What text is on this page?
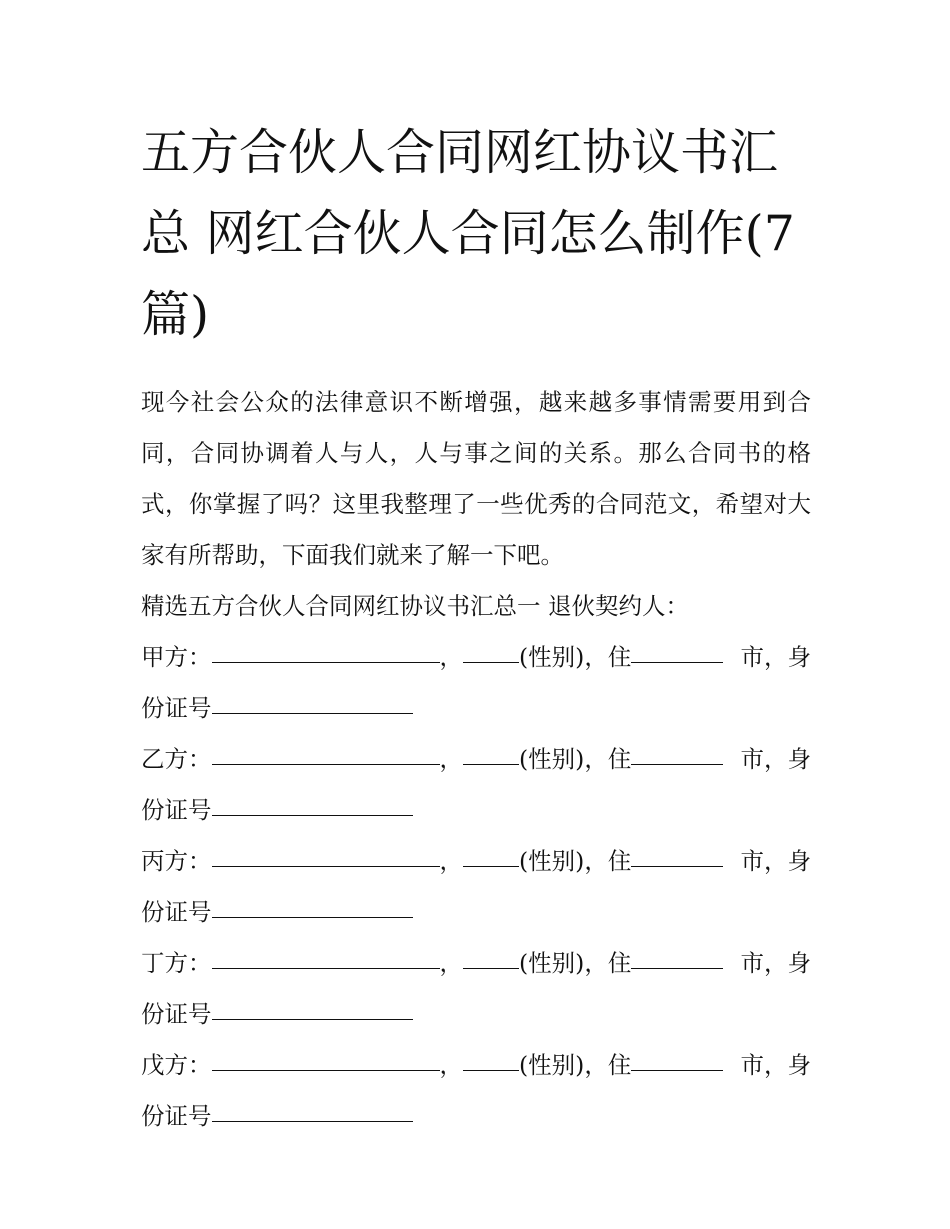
五方合伙人合同网红协议书汇总 网红合伙人合同怎么制作(7篇)

现今社会公众的法律意识不断增强，越来越多事情需要用到合同，合同协调着人与人，人与事之间的关系。那么合同书的格式，你掌握了吗？这里我整理了一些优秀的合同范文，希望对大家有所帮助，下面我们就来了解一下吧。

精选五方合伙人合同网红协议书汇总一 退伙契约人：

甲方：	， (性别)，住	市，身
份证号
乙方：	， (性别)，住	市，身
份证号
丙方：	， (性别)，住	市，身
份证号
丁方：	， (性别)，住	市，身
份证号
戊方：	， (性别)，住	市，身
份证号
